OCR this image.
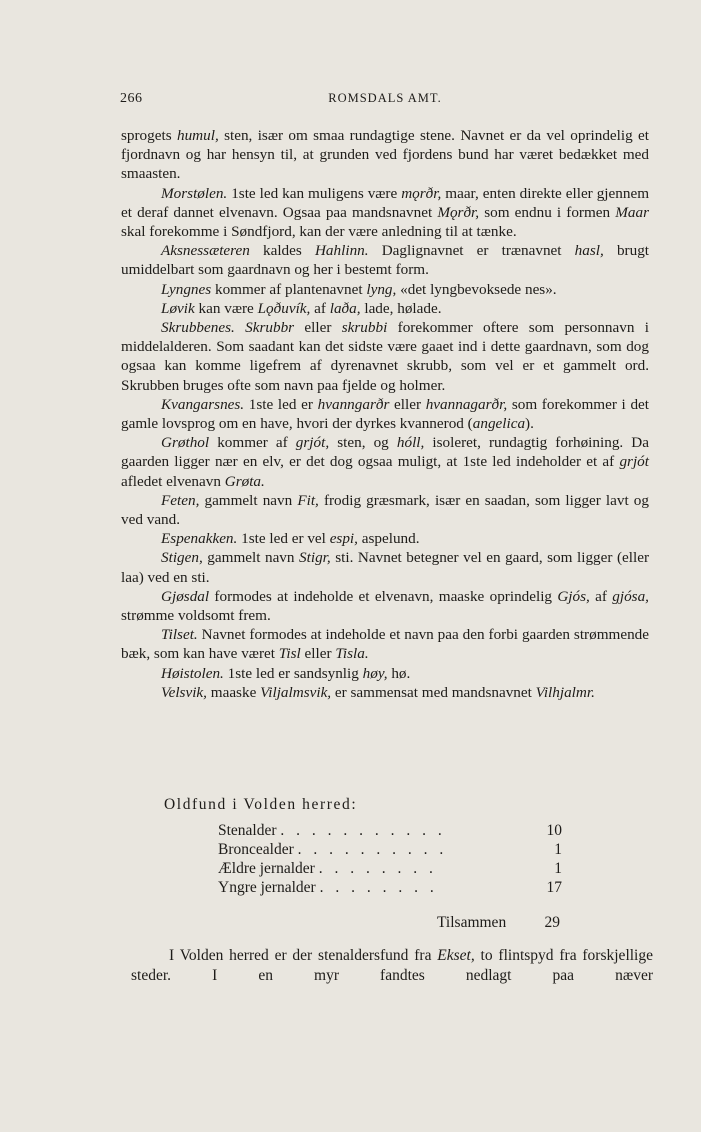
266	ROMSDALS AMT.

sprogets humul, sten, især om smaa rundagtige stene. Navnet er da vel oprindelig et fjordnavn og har hensyn til, at grunden ved fjordens bund har været bedækket med smaasten.

Morstølen. 1ste led kan muligens være mǫrðr, maar, enten direkte eller gjennem et deraf dannet elvenavn. Ogsaa paa mandsnavnet Mǫrðr, som endnu i formen Maar skal forekomme i Søndfjord, kan der være anledning til at tænke.

Aksnessæteren kaldes Hahlinn. Daglignavnet er trænavnet hasl, brugt umiddelbart som gaardnavn og her i bestemt form.

Lyngnes kommer af plantenavnet lyng, «det lyngbevoksede nes».

Løvik kan være Lǫðuvík, af laða, lade, hølade.

Skrubbenes. Skrubbr eller skrubbi forekommer oftere som personnavn i middelalderen. Som saadant kan det sidste være gaaet ind i dette gaardnavn, som dog ogsaa kan komme ligefrem af dyrenavnet skrubb, som vel er et gammelt ord. Skrubben bruges ofte som navn paa fjelde og holmer.

Kvangarsnes. 1ste led er hvanngarðr eller hvannagarðr, som forekommer i det gamle lovsprog om en have, hvori der dyrkes kvannerod (angelica).

Grøthol kommer af grjót, sten, og hóll, isoleret, rundagtig forhøining. Da gaarden ligger nær en elv, er det dog ogsaa muligt, at 1ste led indeholder et af grjót afledet elvenavn Grøta.

Feten, gammelt navn Fit, frodig græsmark, især en saadan, som ligger lavt og ved vand.

Espenakken. 1ste led er vel espi, aspelund.

Stigen, gammelt navn Stigr, sti. Navnet betegner vel en gaard, som ligger (eller laa) ved en sti.

Gjøsdal formodes at indeholde et elvenavn, maaske oprindelig Gjós, af gjósa, strømme voldsomt frem.

Tilset. Navnet formodes at indeholde et navn paa den forbi gaarden strømmende bæk, som kan have været Tisl eller Tisla.

Høistolen. 1ste led er sandsynlig høy, hø.

Velsvik, maaske Viljalmsvik, er sammensat med mandsnavnet Vilhjalmr.

Oldfund i Volden herred:
Stenalder . . . . . . . . . . .	10
Broncealder . . . . . . . . . .	1
Ældre jernalder . . . . . . . .	1
Yngre jernalder . . . . . . . .	17
Tilsammen 29

I Volden herred er der stenaldersfund fra Ekset, to flintspyd fra forskjellige steder. I en myr fandtes nedlagt paa næver
